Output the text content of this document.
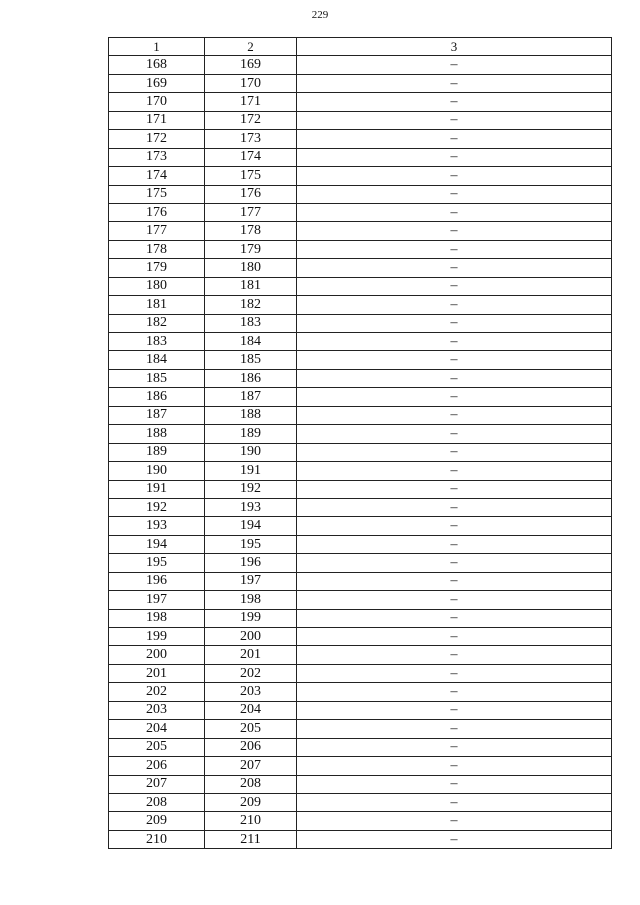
229
1	2	3
168	169	–
169	170	–
170	171	–
171	172	–
172	173	–
173	174	–
174	175	–
175	176	–
176	177	–
177	178	–
178	179	–
179	180	–
180	181	–
181	182	–
182	183	–
183	184	–
184	185	–
185	186	–
186	187	–
187	188	–
188	189	–
189	190	–
190	191	–
191	192	–
192	193	–
193	194	–
194	195	–
195	196	–
196	197	–
197	198	–
198	199	–
199	200	–
200	201	–
201	202	–
202	203	–
203	204	–
204	205	–
205	206	–
206	207	–
207	208	–
208	209	–
209	210	–
210	211	–
